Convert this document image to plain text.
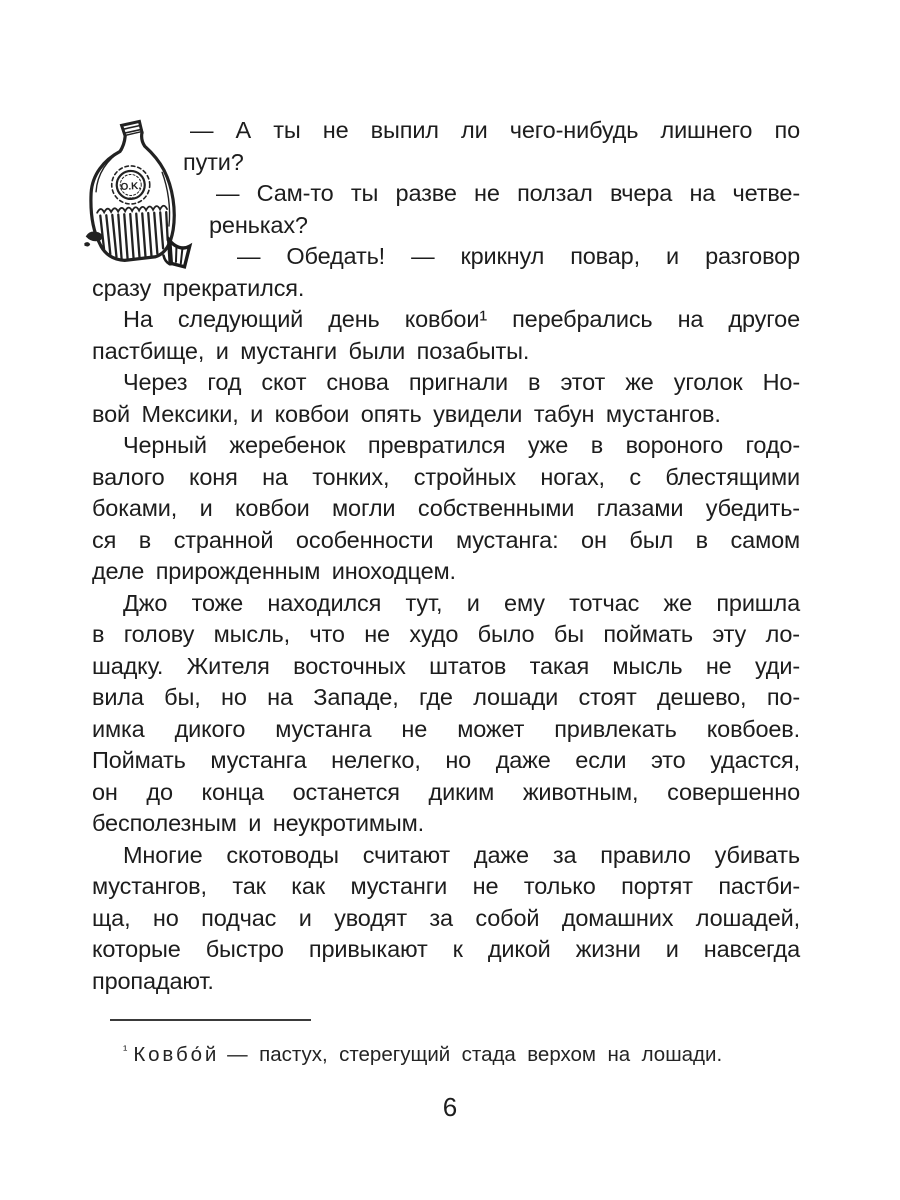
O.K.
— А ты не выпил ли чего-нибудь лишнего по
пути?
— Сам-то ты разве не ползал вчера на четве-
реньках?
— Обедать! — крикнул повар, и разговор
сразу прекратился.
На следующий день ковбои¹ перебрались на другое
пастбище, и мустанги были позабыты.
Через год скот снова пригнали в этот же уголок Но-
вой Мексики, и ковбои опять увидели табун мустангов.
Черный жеребенок превратился уже в вороного годо-
валого коня на тонких, стройных ногах, с блестящими
боками, и ковбои могли собственными глазами убедить-
ся в странной особенности мустанга: он был в самом
деле прирожденным иноходцем.
Джо тоже находился тут, и ему тотчас же пришла
в голову мысль, что не худо было бы поймать эту ло-
шадку. Жителя восточных штатов такая мысль не уди-
вила бы, но на Западе, где лошади стоят дешево, по-
имка дикого мустанга не может привлекать ковбоев.
Поймать мустанга нелегко, но даже если это удастся,
он до конца останется диким животным, совершенно
бесполезным и неукротимым.
Многие скотоводы считают даже за правило убивать
мустангов, так как мустанги не только портят пастби-
ща, но подчас и уводят за собой домашних лошадей,
которые быстро привыкают к дикой жизни и навсегда
пропадают.
$^{^1}$ Ковбо́й — пастух, стерегущий стада верхом на лошади.
6
